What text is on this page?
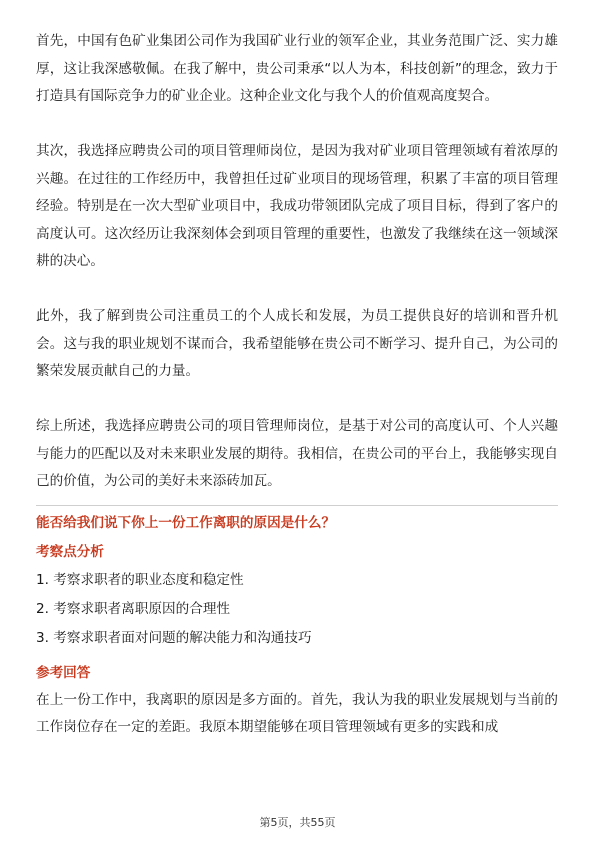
首先，中国有色矿业集团公司作为我国矿业行业的领军企业，其业务范围广泛、实力雄厚，这让我深感敬佩。在我了解中，贵公司秉承“以人为本，科技创新”的理念，致力于打造具有国际竞争力的矿业企业。这种企业文化与我个人的价值观高度契合。

其次，我选择应聘贵公司的项目管理师岗位，是因为我对矿业项目管理领域有着浓厚的兴趣。在过往的工作经历中，我曾担任过矿业项目的现场管理，积累了丰富的项目管理经验。特别是在一次大型矿业项目中，我成功带领团队完成了项目目标，得到了客户的高度认可。这次经历让我深刻体会到项目管理的重要性，也激发了我继续在这一领域深耕的决心。

此外，我了解到贵公司注重员工的个人成长和发展，为员工提供良好的培训和晋升机会。这与我的职业规划不谋而合，我希望能够在贵公司不断学习、提升自己，为公司的繁荣发展贡献自己的力量。

综上所述，我选择应聘贵公司的项目管理师岗位，是基于对公司的高度认可、个人兴趣与能力的匹配以及对未来职业发展的期待。我相信，在贵公司的平台上，我能够实现自己的价值，为公司的美好未来添砖加瓦。

能否给我们说下你上一份工作离职的原因是什么？
考察点分析
1. 考察求职者的职业态度和稳定性
2. 考察求职者离职原因的合理性
3. 考察求职者面对问题的解决能力和沟通技巧
参考回答

在上一份工作中，我离职的原因是多方面的。首先，我认为我的职业发展规划与当前的工作岗位存在一定的差距。我原本期望能够在项目管理领域有更多的实践和成

第5页，共55页
